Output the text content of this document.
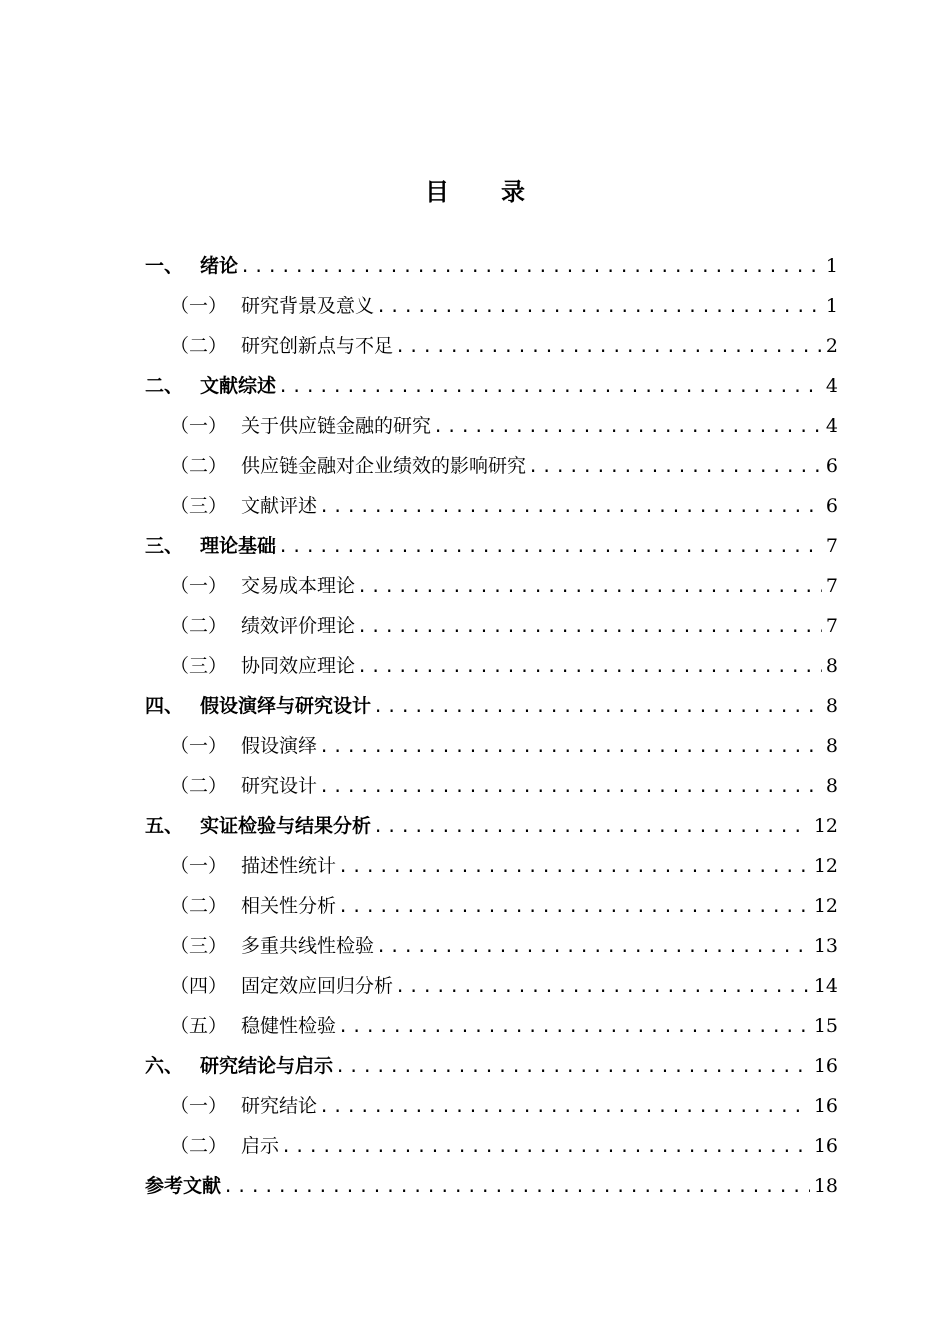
目 录
一、 绪论 .....	1
（一） 研究背景及意义 .....	1
（二） 研究创新点与不足 .....	2
二、 文献综述 .....	4
（一） 关于供应链金融的研究 .....	4
（二） 供应链金融对企业绩效的影响研究 .....	6
（三） 文献评述 .....	6
三、 理论基础 .....	7
（一） 交易成本理论 .....	7
（二） 绩效评价理论 .....	7
（三） 协同效应理论 .....	8
四、 假设演绎与研究设计 .....	8
（一） 假设演绎 .....	8
（二） 研究设计 .....	8
五、 实证检验与结果分析 .....	12
（一） 描述性统计 .....	12
（二） 相关性分析 .....	12
（三） 多重共线性检验 .....	13
（四） 固定效应回归分析 .....	14
（五） 稳健性检验 .....	15
六、 研究结论与启示 .....	16
（一） 研究结论 .....	16
（二） 启示 .....	16
参考文献 .....	18
